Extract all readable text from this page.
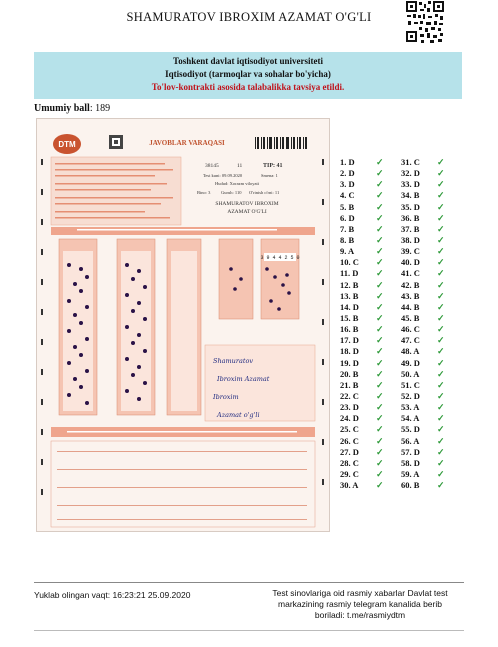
SHAMURATOV IBROXIM AZAMAT O'G'LI
Toshkent davlat iqtisodiyot universiteti
Iqtisodiyot (tarmoqlar va sohalar bo'yicha)
To'lov-kontrakti asosida talabalikka tavsiya etildi.
Umumiy ball: 189
DTM	JAVOBLAR VARAQASI
38145	11	TIP: 41
Test kuni: 09.09.2020	Smena: 1
Hudud: Xorazm viloyati
Bino: 3 Guruh: 110 O'rinish o'rni: 11
SHAMURATOV IBROXIM
AZAMAT O'G'LI
3 9 4 4 2 5 0
Shamuratov
Ibroxim Azamat
Ibroxim
Azamat o'g'li
1. D ✓
2. D ✓
3. D ✓
4. C ✓
5. B ✓
6. D ✓
7. B ✓
8. B ✓
9. A ✓
10. C ✓
11. D ✓
12. B ✓
13. B ✓
14. D ✓
15. B ✓
16. B ✓
17. D ✓
18. D ✓
19. D ✓
20. B ✓
21. B ✓
22. C ✓
23. D ✓
24. D ✓
25. C ✓
26. C ✓
27. D ✓
28. C ✓
29. C ✓
30. A ✓
31. C ✓
32. D ✓
33. D ✓
34. B ✓
35. D ✓
36. B ✓
37. B ✓
38. D ✓
39. C ✓
40. D ✓
41. C ✓
42. B ✓
43. B ✓
44. B ✓
45. B ✓
46. C ✓
47. C ✓
48. A ✓
49. D ✓
50. A ✓
51. C ✓
52. D ✓
53. A ✓
54. A ✓
55. D ✓
56. A ✓
57. D ✓
58. D ✓
59. A ✓
60. B ✓
Yuklab olingan vaqt: 16:23:21 25.09.2020	Test sinovlariga oid rasmiy xabarlar Davlat test
markazining rasmiy telegram kanalida berib
boriladi: t.me/rasmiydtm
